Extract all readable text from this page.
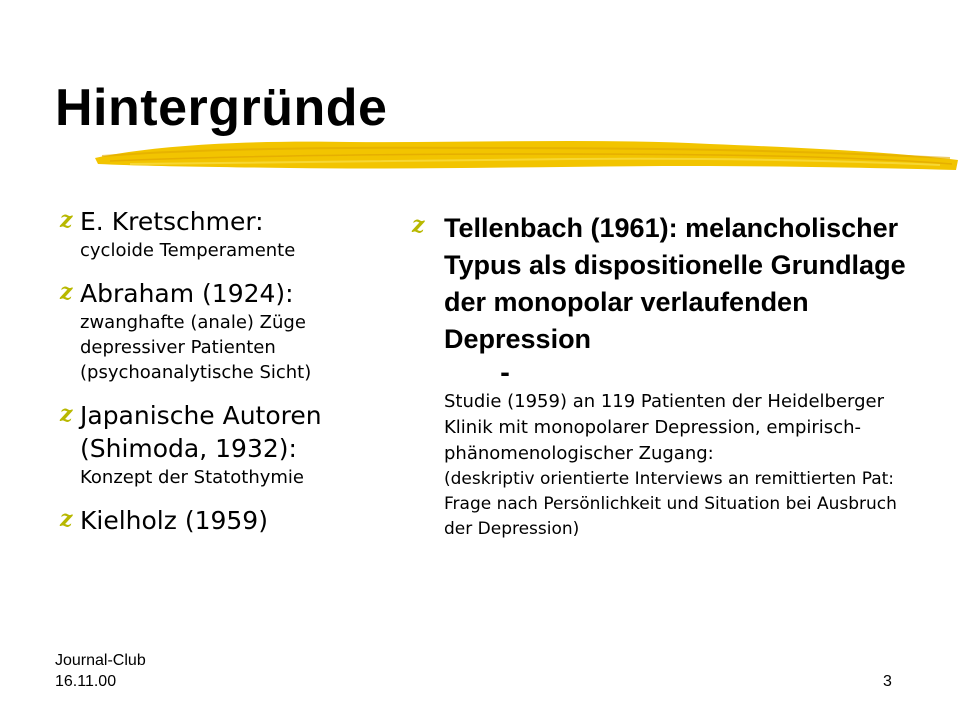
Hintergründe
z E. Kretschmer:
cycloide Temperamente
z Abraham (1924):
zwanghafte (anale) Züge depressiver Patienten (psychoanalytische Sicht)
z Japanische Autoren (Shimoda, 1932):
Konzept der Statothymie
z Kielholz (1959)
z Tellenbach (1961): melancholischer Typus als dispositionelle Grundlage der monopolar verlaufenden Depression
-
Studie (1959) an 119 Patienten der Heidelberger Klinik mit monopolarer Depression, empirisch-phänomenologischer Zugang:
(deskriptiv orientierte Interviews an remittierten Pat: Frage nach Persönlichkeit und Situation bei Ausbruch der Depression)
Journal-Club
16.11.00	3
